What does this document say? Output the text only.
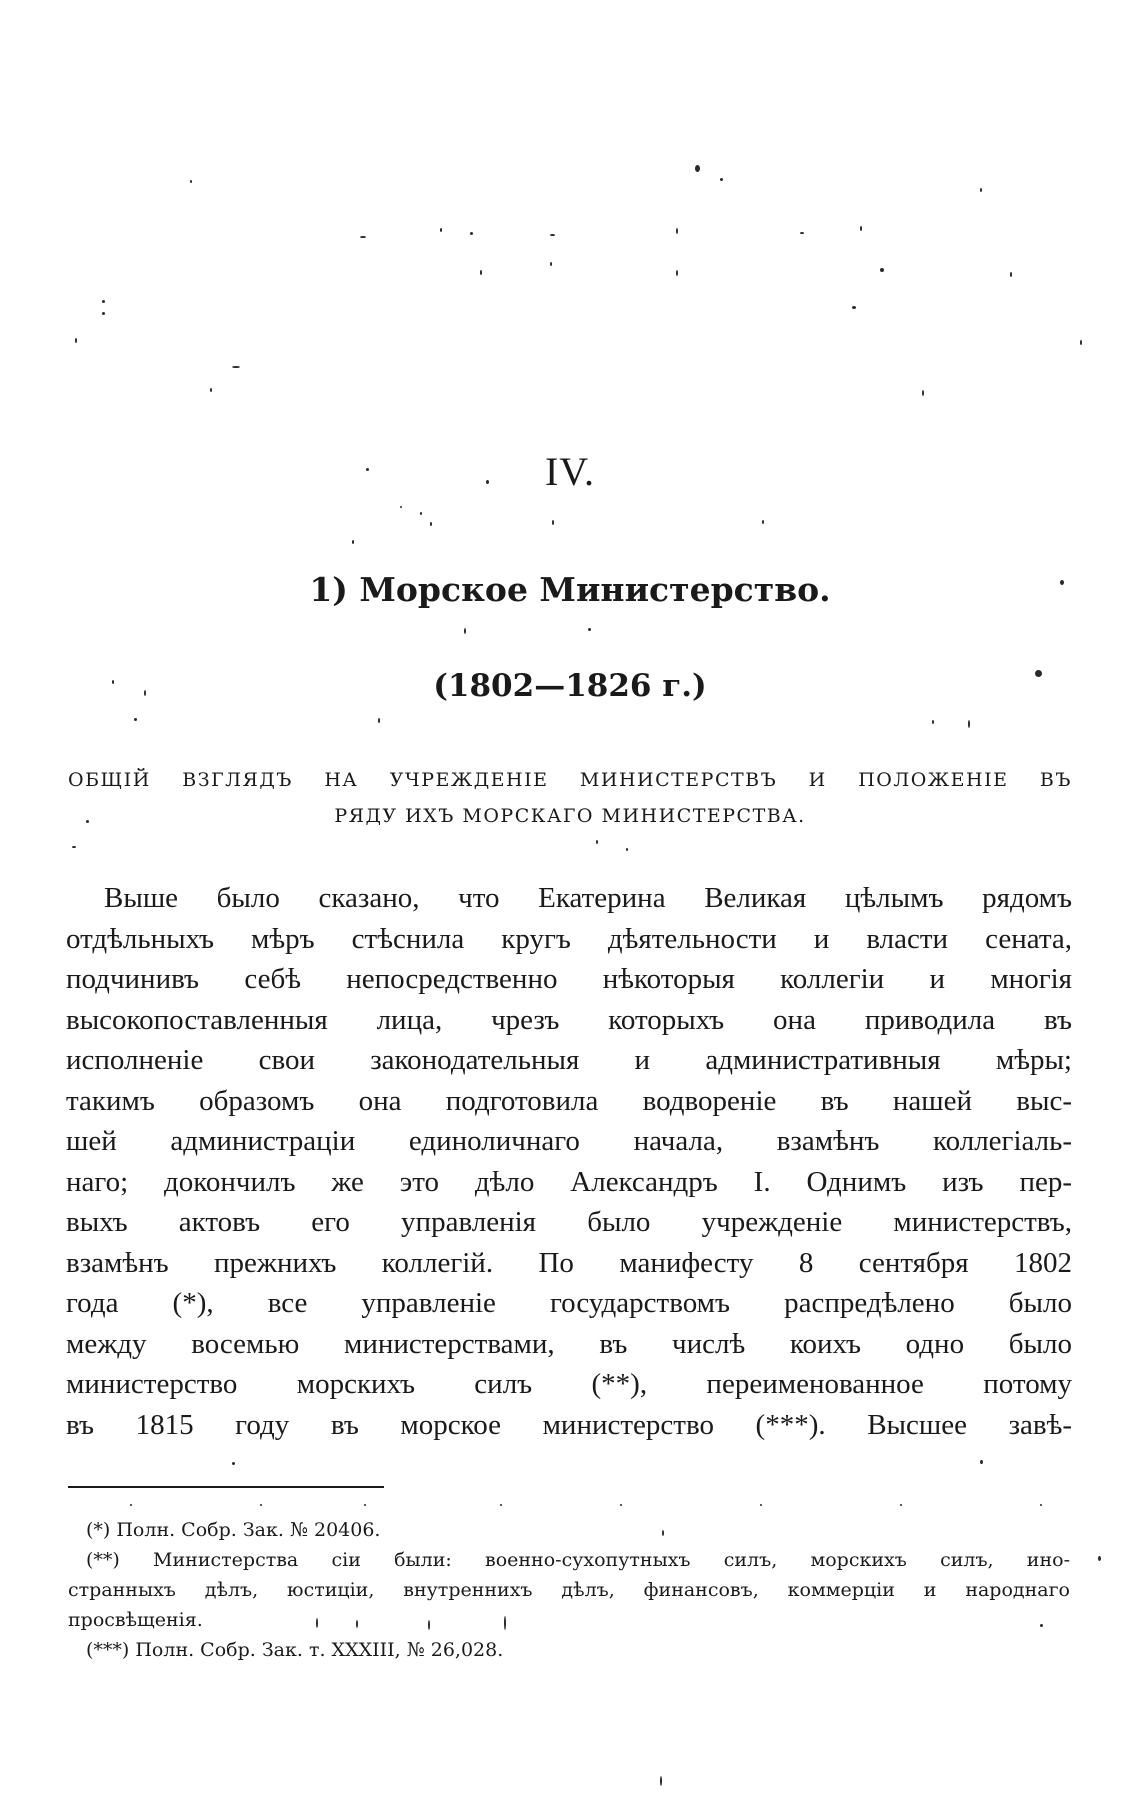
IV.
1) Морское Министерство.
(1802—1826 г.)
ОБЩІЙ ВЗГЛЯДЪ НА УЧРЕЖДЕНІЕ МИНИСТЕРСТВЪ И ПОЛОЖЕНІЕ ВЪ
РЯДУ ИХЪ МОРСКАГО МИНИСТЕРСТВА.
Выше было сказано, что Екатерина Великая цѣлымъ рядомъ
отдѣльныхъ мѣръ стѣснила кругъ дѣятельности и власти сената,
подчинивъ себѣ непосредственно нѣкоторыя коллегіи и многія
высокопоставленныя лица, чрезъ которыхъ она приводила въ
исполненіе свои законодательныя и административныя мѣры;
такимъ образомъ она подготовила водвореніе въ нашей выс-
шей администраціи единоличнаго начала, взамѣнъ коллегіаль-
наго; докончилъ же это дѣло Александръ I. Однимъ изъ пер-
выхъ актовъ его управленія было учрежденіе министерствъ,
взамѣнъ прежнихъ коллегій. По манифесту 8 сентября 1802
года (*), все управленіе государствомъ распредѣлено было
между восемью министерствами, въ числѣ коихъ одно было
министерство морскихъ силъ (**), переименованное потому
въ 1815 году въ морское министерство (***). Высшее завѣ-
(*) Полн. Собр. Зак. № 20406.
(**) Министерства сіи были: военно-сухопутныхъ силъ, морскихъ силъ, ино-
странныхъ дѣлъ, юстиціи, внутреннихъ дѣлъ, финансовъ, коммерціи и народнаго
просвѣщенія.
(***) Полн. Собр. Зак. т. XXXIII, № 26,028.
